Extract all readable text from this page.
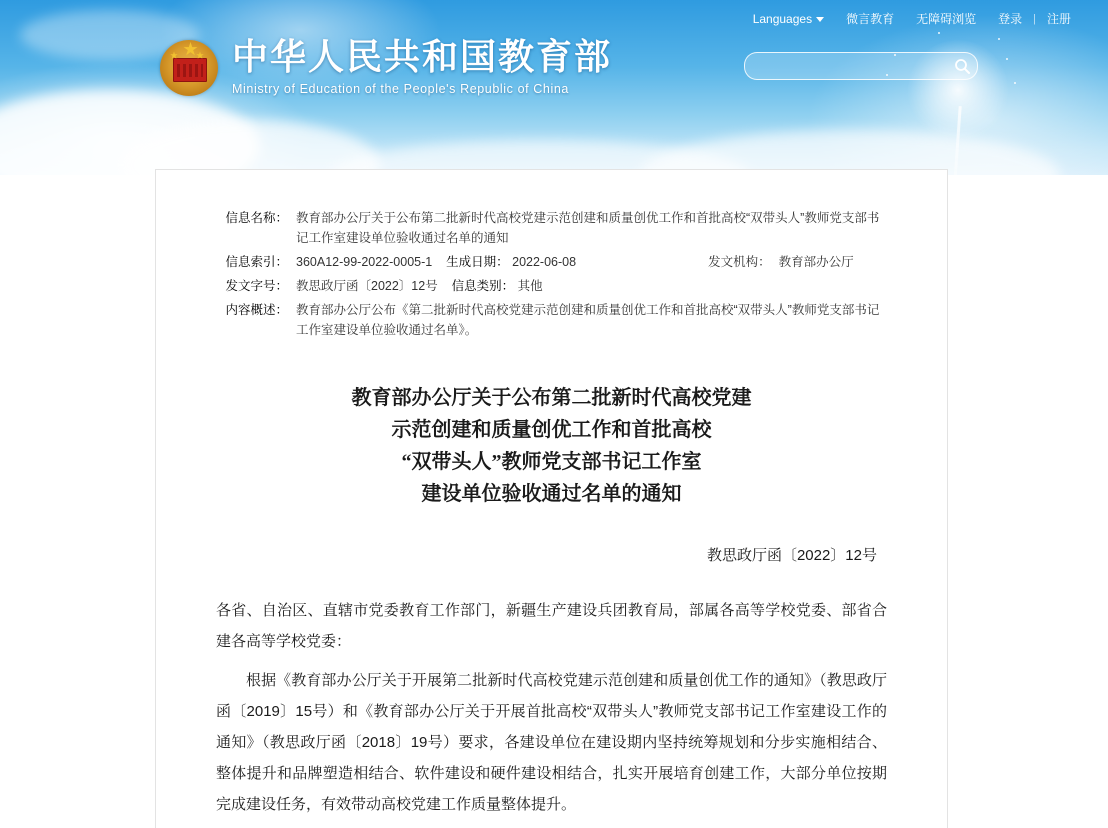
Languages	微言教育	无障碍浏览	登录	| 注册
★
★ ★ 中华人民共和国教育部
Ministry of Education of the People's Republic of China
信息名称：	教育部办公厅关于公布第二批新时代高校党建示范创建和质量创优工作和首批高校“双带头人”教师党支部书记工作室建设单位验收通过名单的通知		
信息索引：	360A12-99-2022-0005-1 生成日期： 2022-06-08	发文机构：	教育部办公厅
发文字号：	教思政厅函〔2022〕12号 信息类别： 其他		
内容概述：	教育部办公厅公布《第二批新时代高校党建示范创建和质量创优工作和首批高校“双带头人”教师党支部书记工作室建设单位验收通过名单》。		
教育部办公厅关于公布第二批新时代高校党建
示范创建和质量创优工作和首批高校
“双带头人”教师党支部书记工作室
建设单位验收通过名单的通知
教思政厅函〔2022〕12号

各省、自治区、直辖市党委教育工作部门，新疆生产建设兵团教育局，部属各高等学校党委、部省合建各高等学校党委：

根据《教育部办公厅关于开展第二批新时代高校党建示范创建和质量创优工作的通知》（教思政厅函〔2019〕15号）和《教育部办公厅关于开展首批高校“双带头人”教师党支部书记工作室建设工作的通知》（教思政厅函〔2018〕19号）要求，各建设单位在建设期内坚持统筹规划和分步实施相结合、整体提升和品牌塑造相结合、软件建设和硬件建设相结合，扎实开展培育创建工作，大部分单位按期完成建设任务，有效带动高校党建工作质量整体提升。
